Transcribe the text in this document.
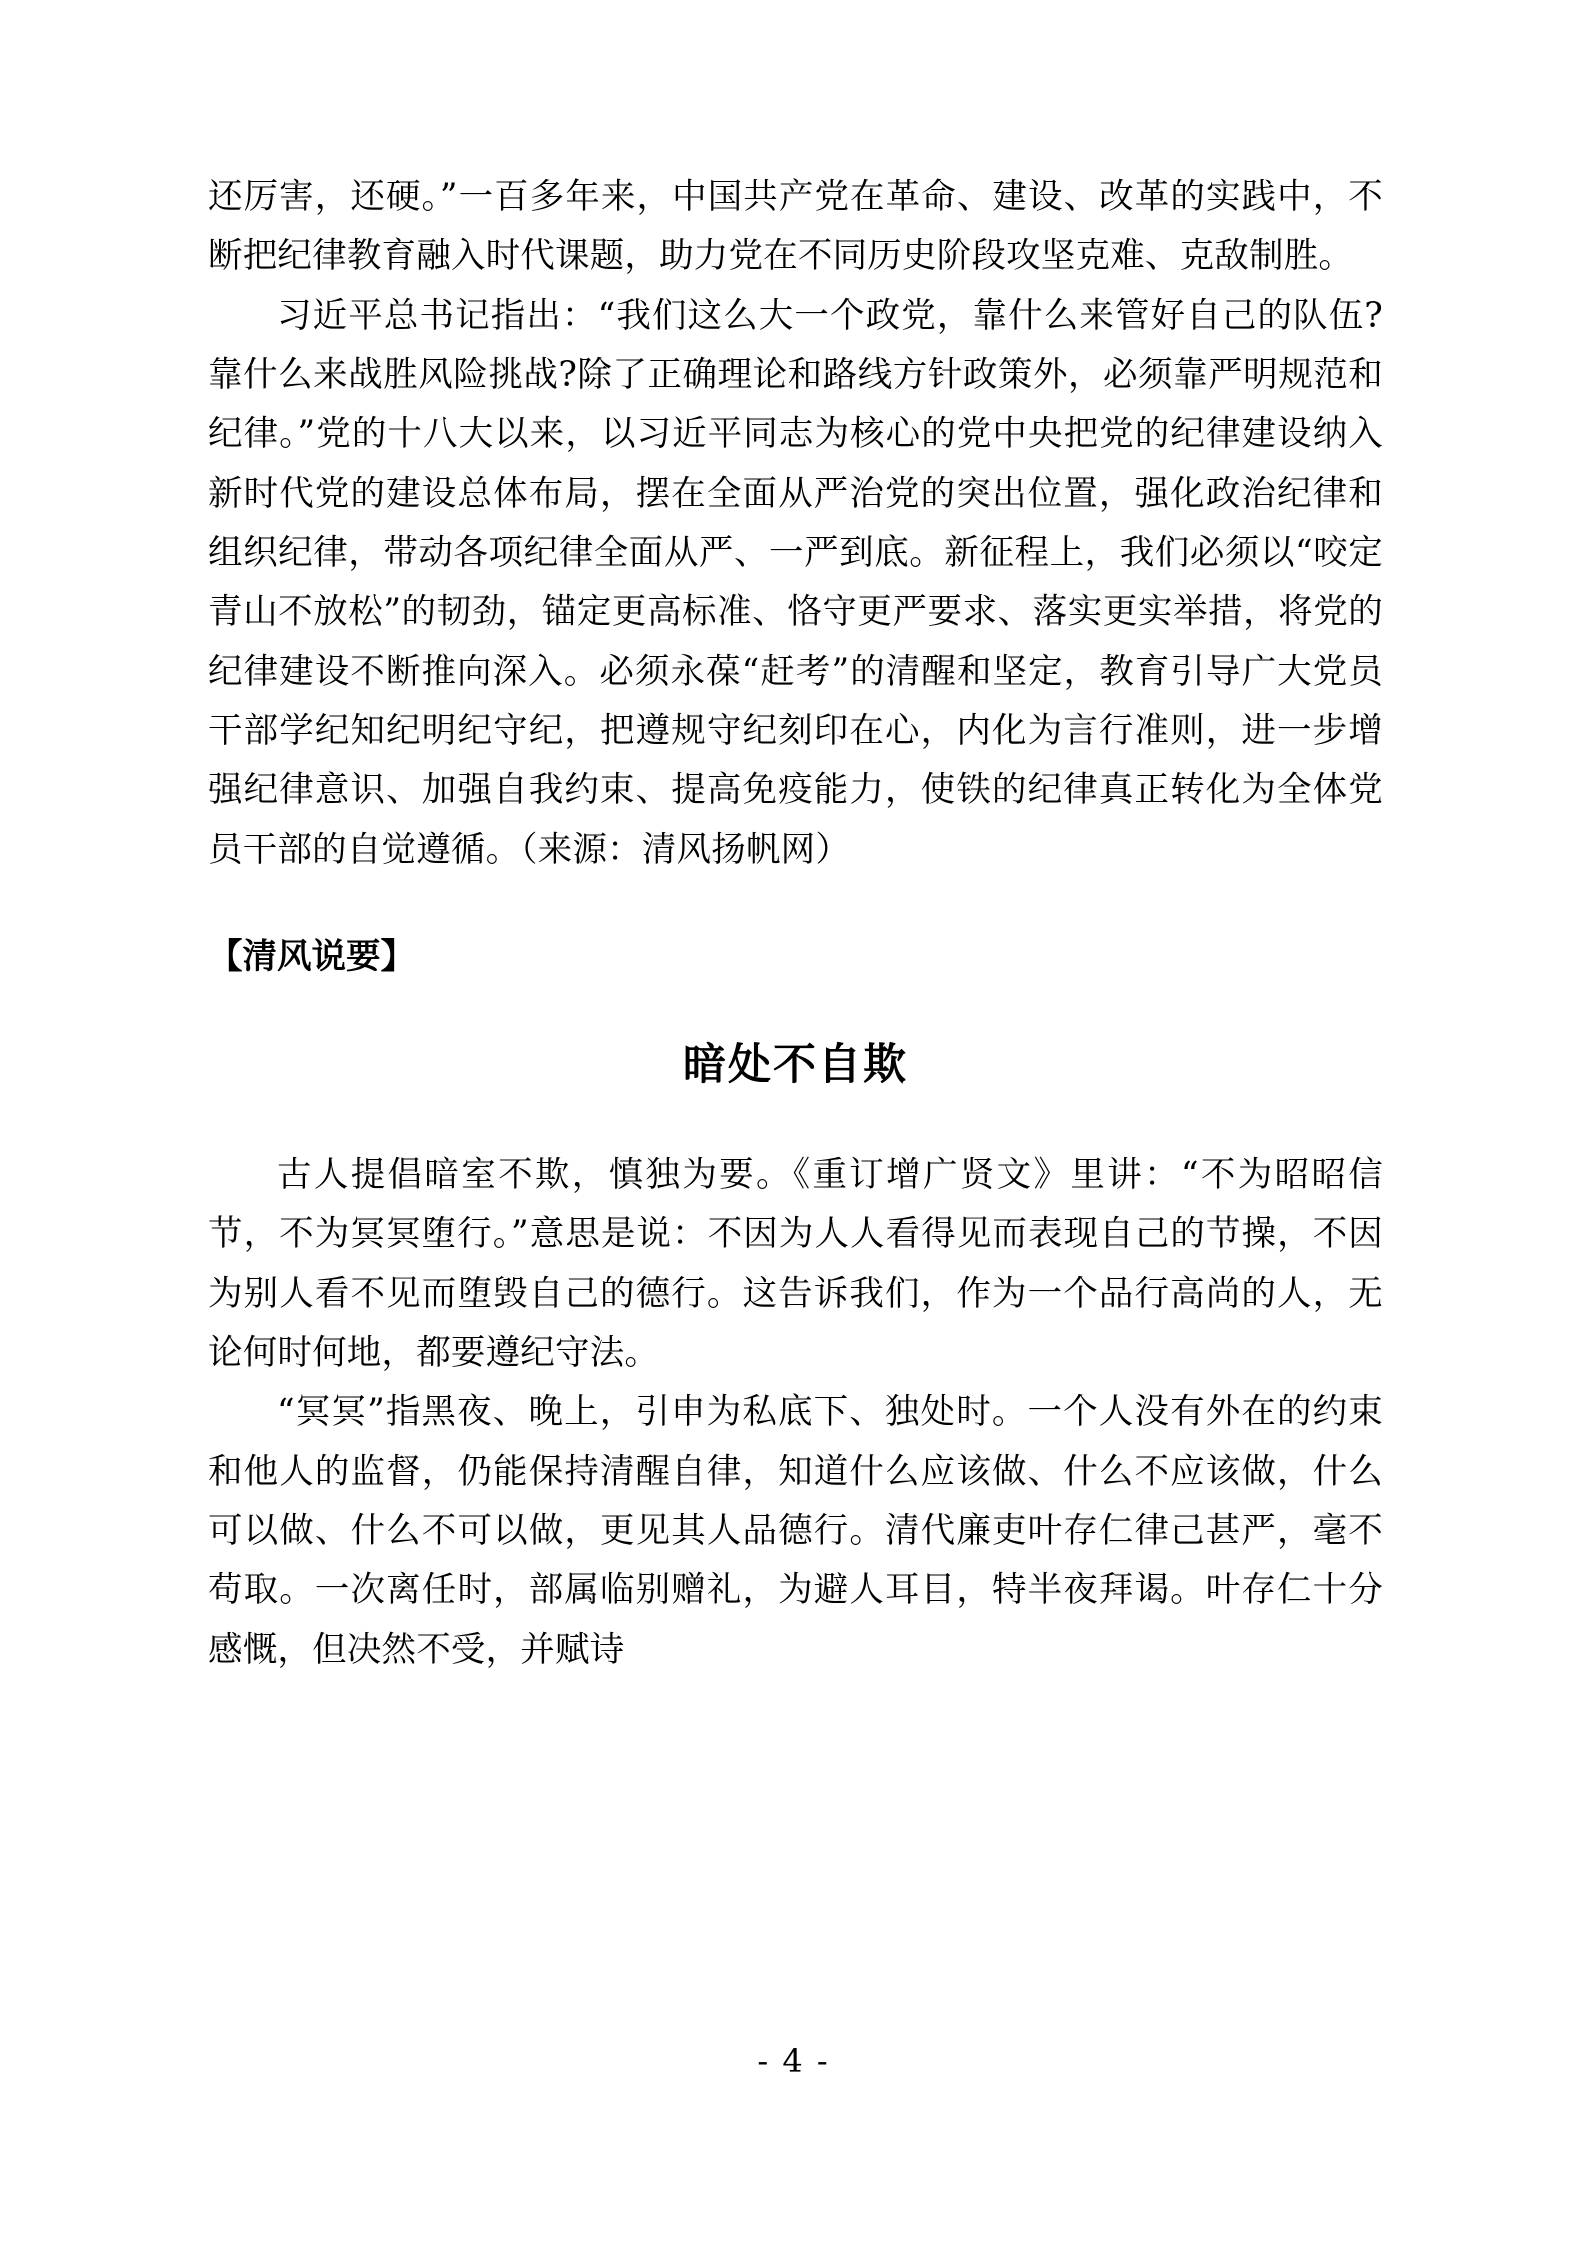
还厉害，还硬。”一百多年来，中国共产党在革命、建设、改革的实践中，不断把纪律教育融入时代课题，助力党在不同历史阶段攻坚克难、克敌制胜。

习近平总书记指出：“我们这么大一个政党，靠什么来管好自己的队伍?靠什么来战胜风险挑战?除了正确理论和路线方针政策外，必须靠严明规范和纪律。”党的十八大以来，以习近平同志为核心的党中央把党的纪律建设纳入新时代党的建设总体布局，摆在全面从严治党的突出位置，强化政治纪律和组织纪律，带动各项纪律全面从严、一严到底。新征程上，我们必须以“咬定青山不放松”的韧劲，锚定更高标准、恪守更严要求、落实更实举措，将党的纪律建设不断推向深入。必须永葆“赶考”的清醒和坚定，教育引导广大党员干部学纪知纪明纪守纪，把遵规守纪刻印在心，内化为言行准则，进一步增强纪律意识、加强自我约束、提高免疫能力，使铁的纪律真正转化为全体党员干部的自觉遵循。（来源：清风扬帆网）

【清风说要】

暗处不自欺

古人提倡暗室不欺，慎独为要。《重订增广贤文》里讲：“不为昭昭信节，不为冥冥堕行。”意思是说：不因为人人看得见而表现自己的节操，不因为别人看不见而堕毁自己的德行。这告诉我们，作为一个品行高尚的人，无论何时何地，都要遵纪守法。

“冥冥”指黑夜、晚上，引申为私底下、独处时。一个人没有外在的约束和他人的监督，仍能保持清醒自律，知道什么应该做、什么不应该做，什么可以做、什么不可以做，更见其人品德行。清代廉吏叶存仁律己甚严，毫不苟取。一次离任时，部属临别赠礼，为避人耳目，特半夜拜谒。叶存仁十分感慨，但决然不受，并赋诗

- 4 -
